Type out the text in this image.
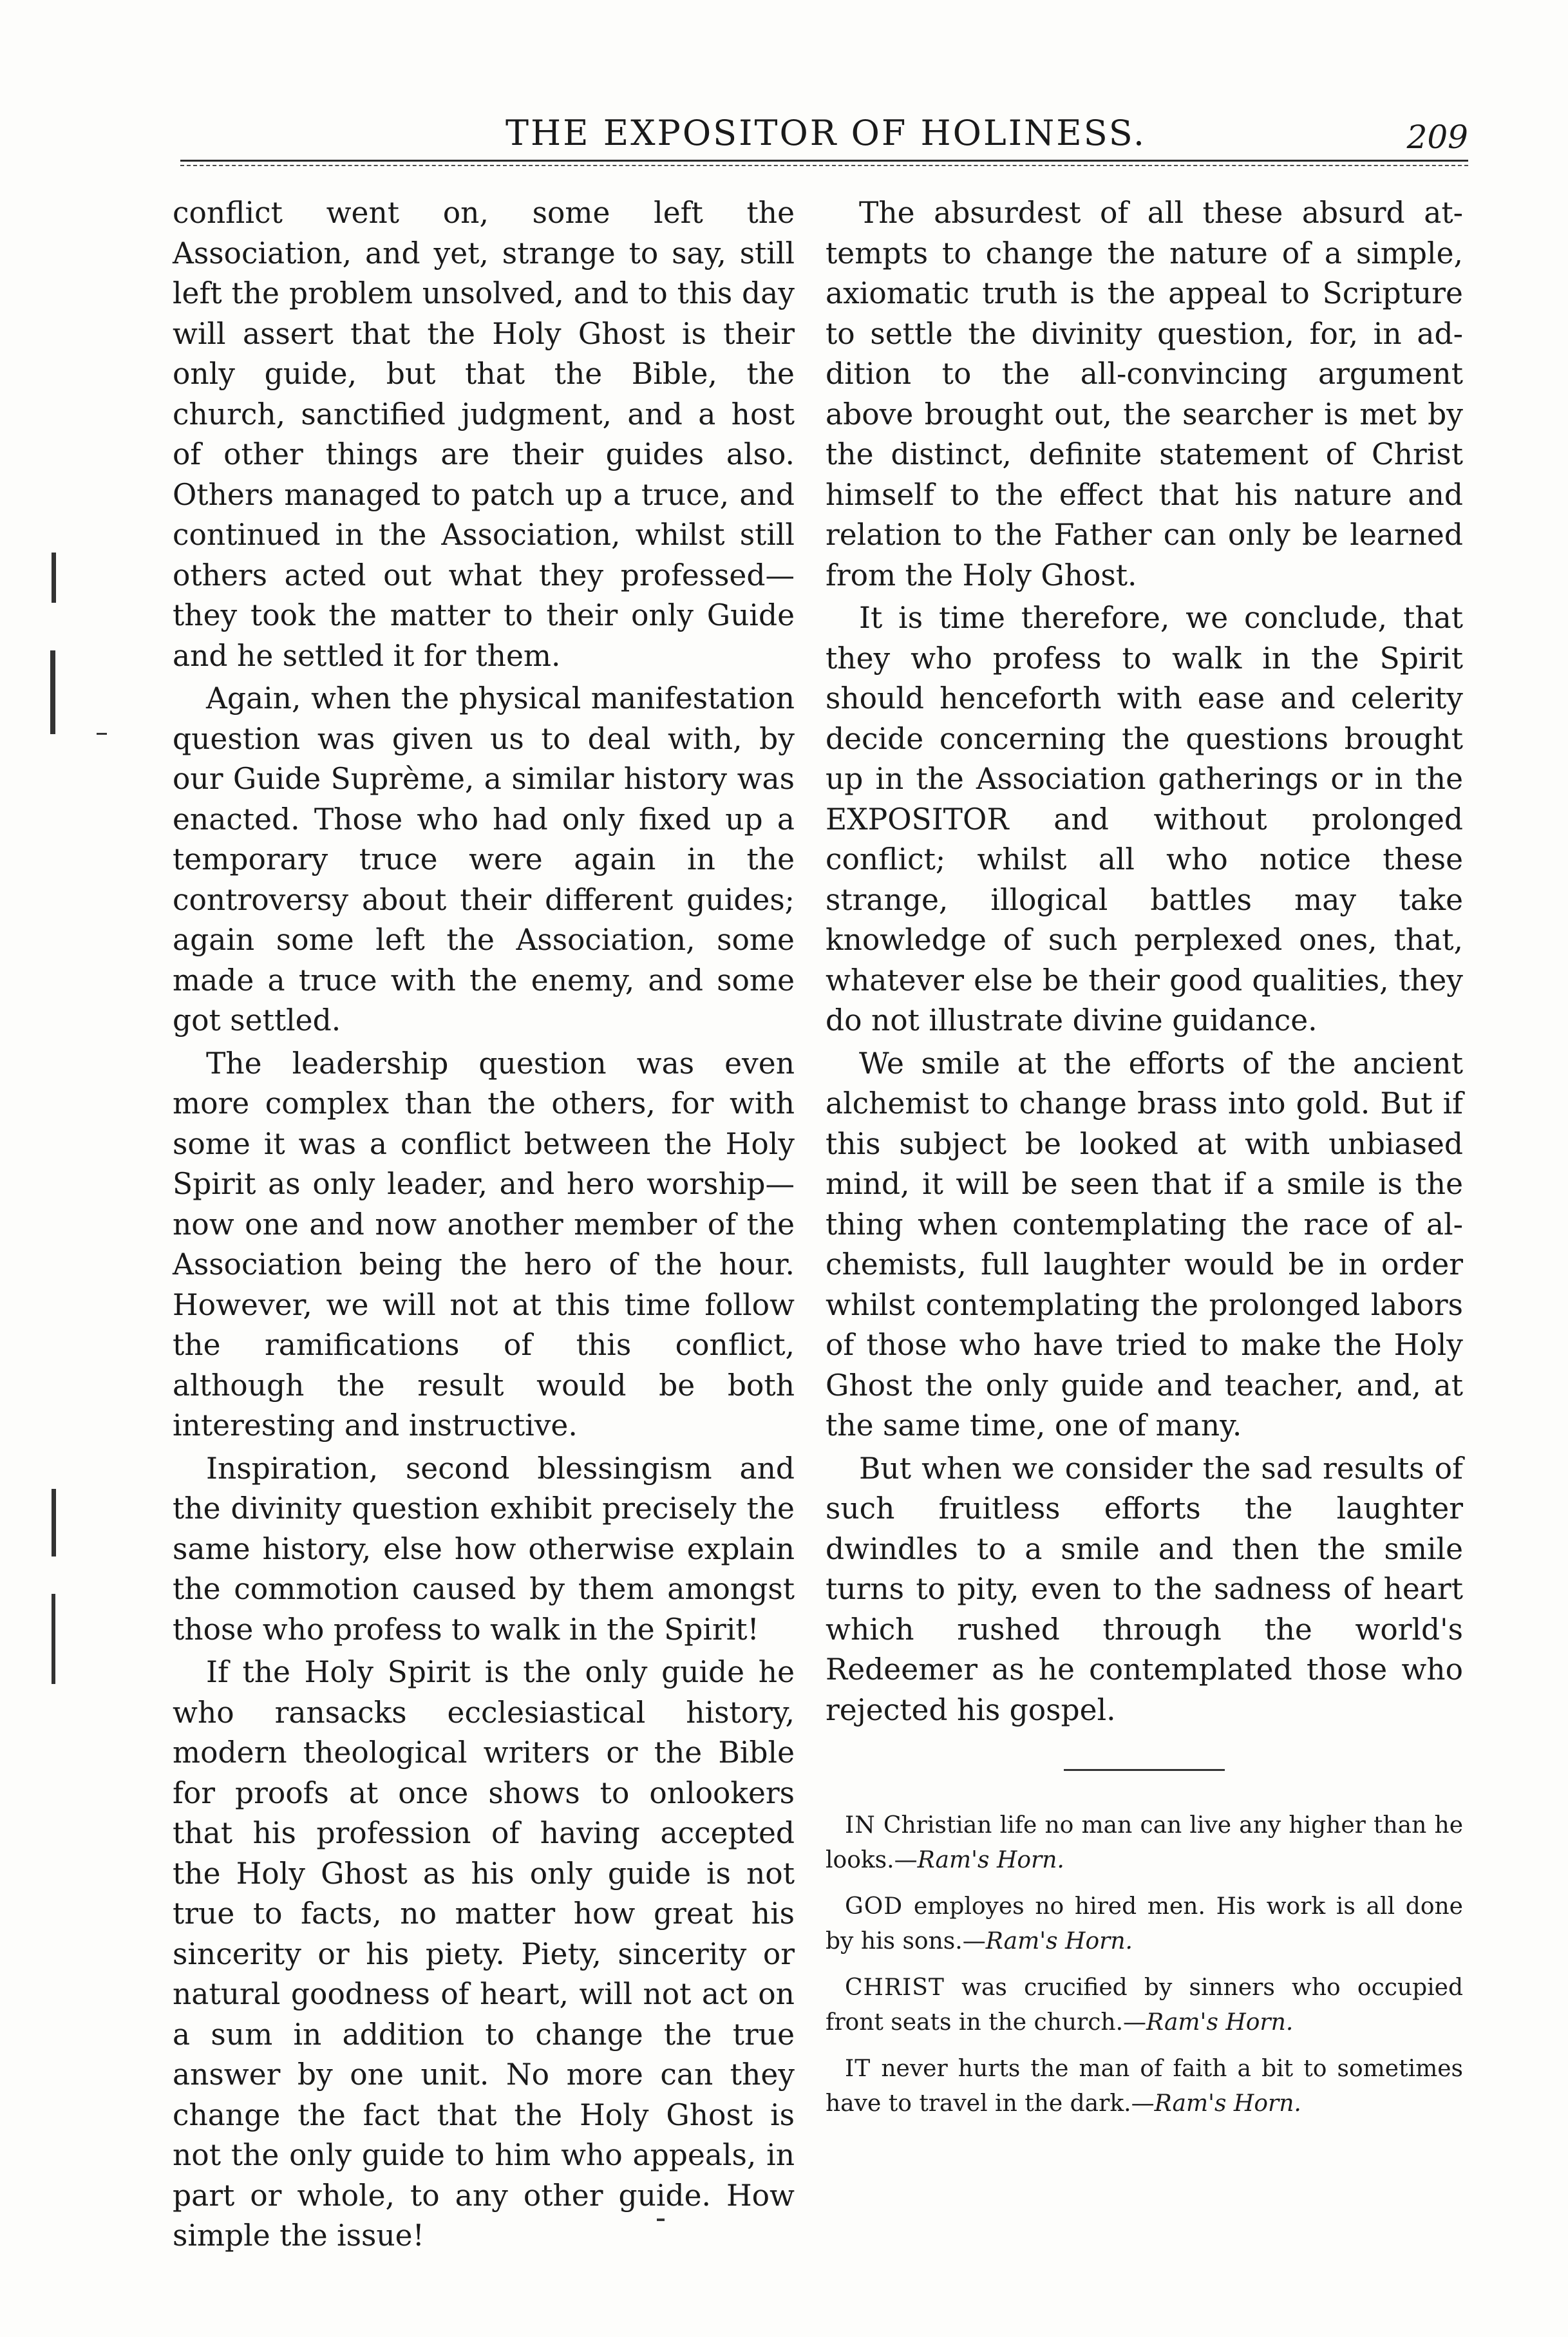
THE EXPOSITOR OF HOLINESS.	209

conflict went on, some left the Association, and yet, strange to say, still left the problem unsolved, and to this day will assert that the Holy Ghost is their only guide, but that the Bible, the church, sanctified judgment, and a host of other things are their guides also. Others managed to patch up a truce, and continued in the Association, whilst still others acted out what they professed—they took the matter to their only Guide and he settled it for them.

Again, when the physical manifestation question was given us to deal with, by our Guide Suprème, a similar history was enacted. Those who had only fixed up a temporary truce were again in the controversy about their different guides; again some left the Association, some made a truce with the enemy, and some got settled.

The leadership question was even more complex than the others, for with some it was a conflict between the Holy Spirit as only leader, and hero worship—now one and now another member of the Association being the hero of the hour. However, we will not at this time follow the ramifications of this conflict, although the result would be both interesting and instructive.

Inspiration, second blessingism and the divinity question exhibit precisely the same history, else how otherwise explain the commotion caused by them amongst those who profess to walk in the Spirit!

If the Holy Spirit is the only guide he who ransacks ecclesiastical history, modern theological writers or the Bible for proofs at once shows to onlookers that his profession of having accepted the Holy Ghost as his only guide is not true to facts, no matter how great his sincerity or his piety. Piety, sincerity or natural goodness of heart, will not act on a sum in addition to change the true answer by one unit. No more can they change the fact that the Holy Ghost is not the only guide to him who appeals, in part or whole, to any other guide. How simple the issue!

The absurdest of all these absurd attempts to change the nature of a simple, axiomatic truth is the appeal to Scripture to settle the divinity question, for, in addition to the all-convincing argument above brought out, the searcher is met by the distinct, definite statement of Christ himself to the effect that his nature and relation to the Father can only be learned from the Holy Ghost.

It is time therefore, we conclude, that they who profess to walk in the Spirit should henceforth with ease and celerity decide concerning the questions brought up in the Association gatherings or in the EXPOSITOR and without prolonged conflict; whilst all who notice these strange, illogical battles may take knowledge of such perplexed ones, that, whatever else be their good qualities, they do not illustrate divine guidance.

We smile at the efforts of the ancient alchemist to change brass into gold. But if this subject be looked at with unbiased mind, it will be seen that if a smile is the thing when contemplating the race of alchemists, full laughter would be in order whilst contemplating the prolonged labors of those who have tried to make the Holy Ghost the only guide and teacher, and, at the same time, one of many.

But when we consider the sad results of such fruitless efforts the laughter dwindles to a smile and then the smile turns to pity, even to the sadness of heart which rushed through the world's Redeemer as he contemplated those who rejected his gospel.

IN Christian life no man can live any higher than he looks.—Ram's Horn.

GOD employes no hired men. His work is all done by his sons.—Ram's Horn.

CHRIST was crucified by sinners who occupied front seats in the church.—Ram's Horn.

IT never hurts the man of faith a bit to sometimes have to travel in the dark.—Ram's Horn.
